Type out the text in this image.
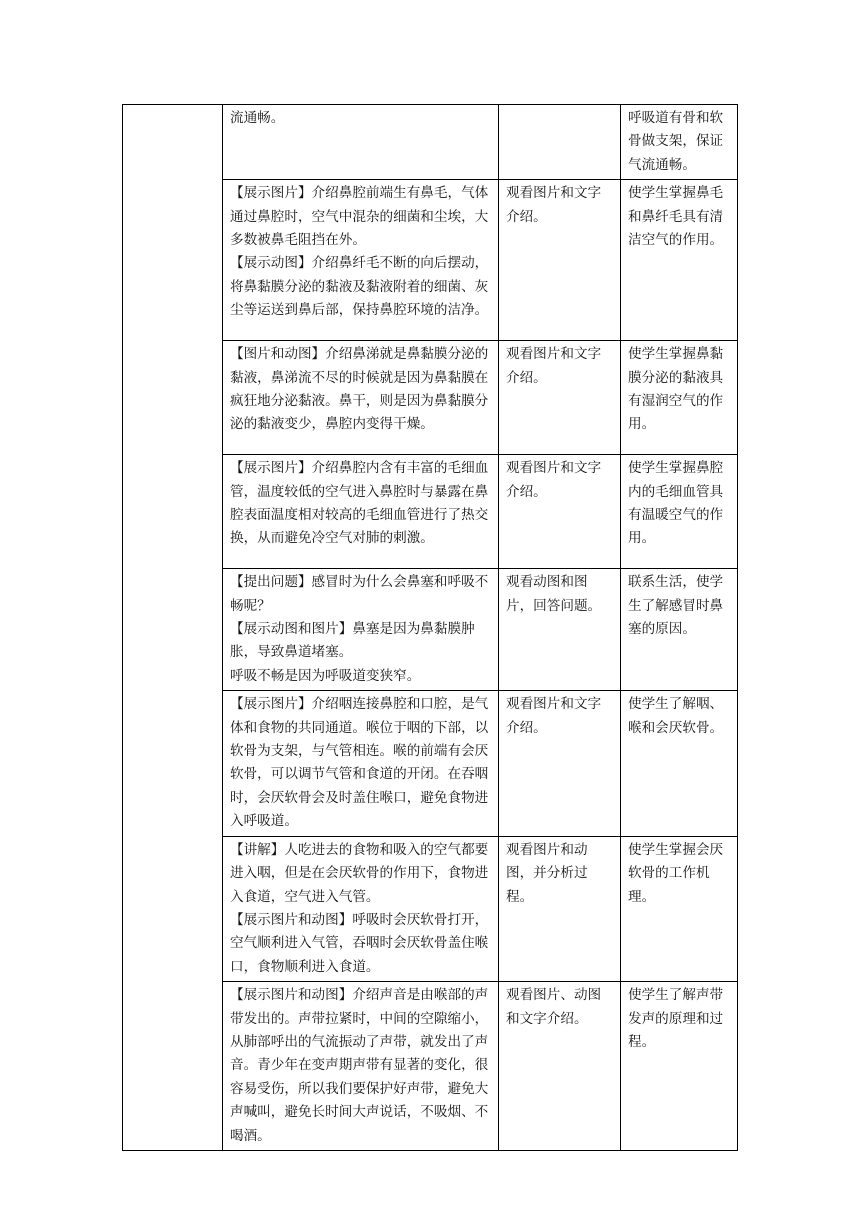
	流通畅。		呼吸道有骨和软骨做支架，保证气流通畅。

	【展示图片】介绍鼻腔前端生有鼻毛，气体通过鼻腔时，空气中混杂的细菌和尘埃，大多数被鼻毛阻挡在外。
【展示动图】介绍鼻纤毛不断的向后摆动，将鼻黏膜分泌的黏液及黏液附着的细菌、灰尘等运送到鼻后部，保持鼻腔环境的洁净。	观看图片和文字介绍。	使学生掌握鼻毛和鼻纤毛具有清洁空气的作用。

	【图片和动图】介绍鼻涕就是鼻黏膜分泌的黏液，鼻涕流不尽的时候就是因为鼻黏膜在疯狂地分泌黏液。鼻干，则是因为鼻黏膜分泌的黏液变少，鼻腔内变得干燥。	观看图片和文字介绍。	使学生掌握鼻黏膜分泌的黏液具有湿润空气的作用。

	【展示图片】介绍鼻腔内含有丰富的毛细血管，温度较低的空气进入鼻腔时与暴露在鼻腔表面温度相对较高的毛细血管进行了热交换，从而避免冷空气对肺的刺激。	观看图片和文字介绍。	使学生掌握鼻腔内的毛细血管具有温暖空气的作用。

	【提出问题】感冒时为什么会鼻塞和呼吸不畅呢？
【展示动图和图片】鼻塞是因为鼻黏膜肿胀，导致鼻道堵塞。
呼吸不畅是因为呼吸道变狭窄。	观看动图和图片，回答问题。	联系生活，使学生了解感冒时鼻塞的原因。

	【展示图片】介绍咽连接鼻腔和口腔，是气体和食物的共同通道。喉位于咽的下部，以软骨为支架，与气管相连。喉的前端有会厌软骨，可以调节气管和食道的开闭。在吞咽时，会厌软骨会及时盖住喉口，避免食物进入呼吸道。	观看图片和文字介绍。	使学生了解咽、喉和会厌软骨。

	【讲解】人吃进去的食物和吸入的空气都要进入咽，但是在会厌软骨的作用下，食物进入食道，空气进入气管。
【展示图片和动图】呼吸时会厌软骨打开，空气顺利进入气管，吞咽时会厌软骨盖住喉口，食物顺利进入食道。	观看图片和动图，并分析过程。	使学生掌握会厌软骨的工作机理。

	【展示图片和动图】介绍声音是由喉部的声带发出的。声带拉紧时，中间的空隙缩小，从肺部呼出的气流振动了声带，就发出了声音。青少年在变声期声带有显著的变化，很容易受伤，所以我们要保护好声带，避免大声喊叫，避免长时间大声说话，不吸烟、不喝酒。	观看图片、动图和文字介绍。	使学生了解声带发声的原理和过程。
